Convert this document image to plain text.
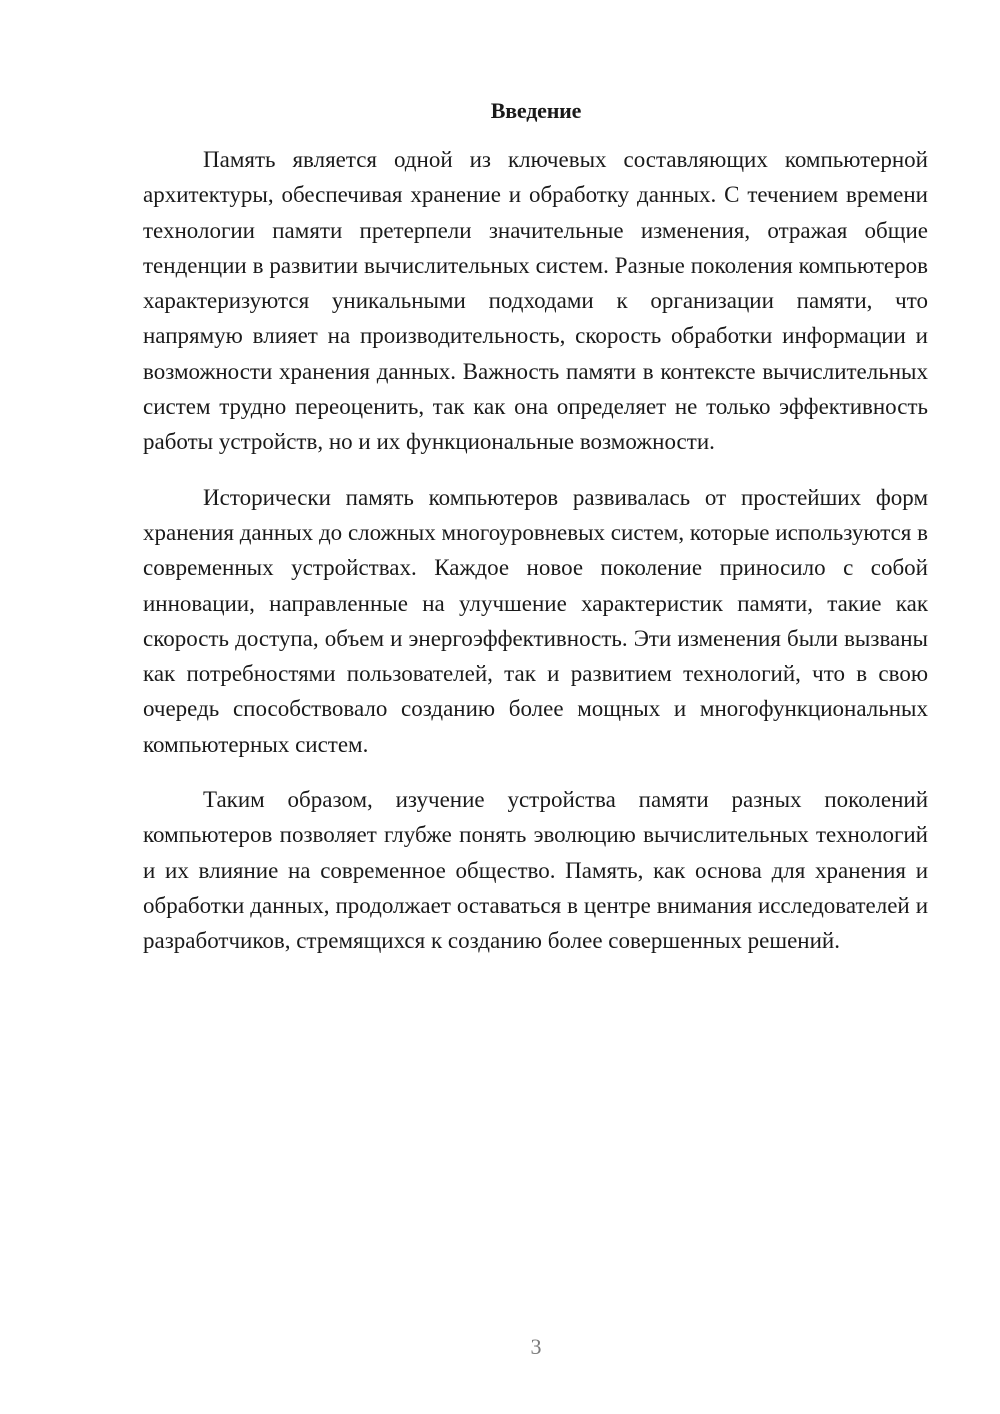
Введение

Память является одной из ключевых составляющих компьютерной архитектуры, обеспечивая хранение и обработку данных. С течением времени технологии памяти претерпели значительные изменения, отражая общие тенденции в развитии вычислительных систем. Разные поколения компьютеров характеризуются уникальными подходами к организации памяти, что напрямую влияет на производительность, скорость обработки информации и возможности хранения данных. Важность памяти в контексте вычислительных систем трудно переоценить, так как она определяет не только эффективность работы устройств, но и их функциональные возможности.

Исторически память компьютеров развивалась от простейших форм хранения данных до сложных многоуровневых систем, которые используются в современных устройствах. Каждое новое поколение приносило с собой инновации, направленные на улучшение характеристик памяти, такие как скорость доступа, объем и энергоэффективность. Эти изменения были вызваны как потребностями пользователей, так и развитием технологий, что в свою очередь способствовало созданию более мощных и многофункциональных компьютерных систем.

Таким образом, изучение устройства памяти разных поколений компьютеров позволяет глубже понять эволюцию вычислительных технологий и их влияние на современное общество. Память, как основа для хранения и обработки данных, продолжает оставаться в центре внимания исследователей и разработчиков, стремящихся к созданию более совершенных решений.

3
